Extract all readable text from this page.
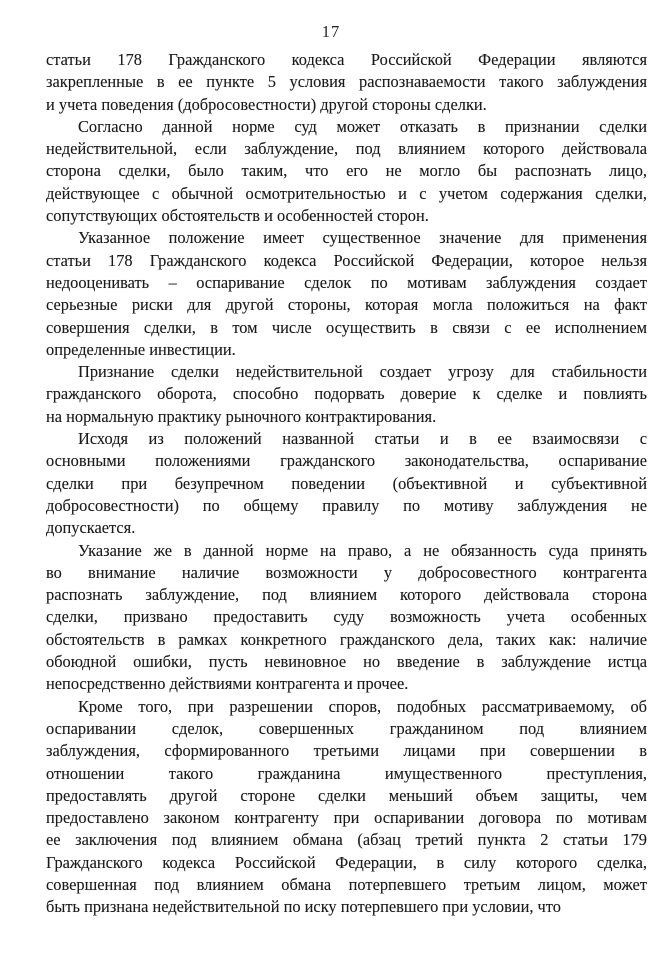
17
статьи 178 Гражданского кодекса Российской Федерации являются
закрепленные в ее пункте 5 условия распознаваемости такого заблуждения
и учета поведения (добросовестности) другой стороны сделки.
Согласно данной норме суд может отказать в признании сделки
недействительной, если заблуждение, под влиянием которого действовала
сторона сделки, было таким, что его не могло бы распознать лицо,
действующее с обычной осмотрительностью и с учетом содержания сделки,
сопутствующих обстоятельств и особенностей сторон.
Указанное положение имеет существенное значение для применения
статьи 178 Гражданского кодекса Российской Федерации, которое нельзя
недооценивать – оспаривание сделок по мотивам заблуждения создает
серьезные риски для другой стороны, которая могла положиться на факт
совершения сделки, в том числе осуществить в связи с ее исполнением
определенные инвестиции.
Признание сделки недействительной создает угрозу для стабильности
гражданского оборота, способно подорвать доверие к сделке и повлиять
на нормальную практику рыночного контрактирования.
Исходя из положений названной статьи и в ее взаимосвязи с
основными положениями гражданского законодательства, оспаривание
сделки при безупречном поведении (объективной и субъективной
добросовестности) по общему правилу по мотиву заблуждения не
допускается.
Указание же в данной норме на право, а не обязанность суда принять
во внимание наличие возможности у добросовестного контрагента
распознать заблуждение, под влиянием которого действовала сторона
сделки, призвано предоставить суду возможность учета особенных
обстоятельств в рамках конкретного гражданского дела, таких как: наличие
обоюдной ошибки, пусть невиновное но введение в заблуждение истца
непосредственно действиями контрагента и прочее.
Кроме того, при разрешении споров, подобных рассматриваемому, об
оспаривании сделок, совершенных гражданином под влиянием
заблуждения, сформированного третьими лицами при совершении в
отношении такого гражданина имущественного преступления,
предоставлять другой стороне сделки меньший объем защиты, чем
предоставлено законом контрагенту при оспаривании договора по мотивам
ее заключения под влиянием обмана (абзац третий пункта 2 статьи 179
Гражданского кодекса Российской Федерации, в силу которого сделка,
совершенная под влиянием обмана потерпевшего третьим лицом, может
быть признана недействительной по иску потерпевшего при условии, что
